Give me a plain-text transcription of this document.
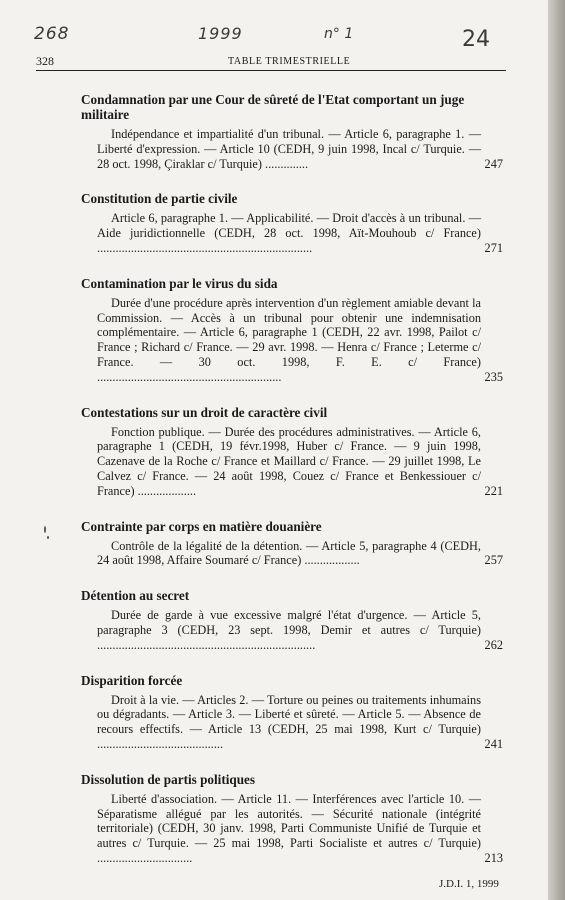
268	1999	n° 1	24
328	TABLE TRIMESTRIELLE
Condamnation par une Cour de sûreté de l'Etat comportant un juge militaire
Indépendance et impartialité d'un tribunal. — Article 6, paragraphe 1. — Liberté d'expression. — Article 10 (CEDH, 9 juin 1998, Incal c/ Turquie. — 28 oct. 1998, Çiraklar c/ Turquie) ..............	247
Constitution de partie civile
Article 6, paragraphe 1. — Applicabilité. — Droit d'accès à un tribunal. — Aide juridictionnelle (CEDH, 28 oct. 1998, Aït-Mouhoub c/ France) ......................................................................	271
Contamination par le virus du sida
Durée d'une procédure après intervention d'un règlement amiable devant la Commission. — Accès à un tribunal pour obtenir une indemnisation complémentaire. — Article 6, paragraphe 1 (CEDH, 22 avr. 1998, Pailot c/ France ; Richard c/ France. — 29 avr. 1998. — Henra c/ France ; Leterme c/ France. — 30 oct. 1998, F. E. c/ France) ............................................................	235
Contestations sur un droit de caractère civil
Fonction publique. — Durée des procédures administratives. — Article 6, paragraphe 1 (CEDH, 19 févr.1998, Huber c/ France. — 9 juin 1998, Cazenave de la Roche c/ France et Maillard c/ France. — 29 juillet 1998, Le Calvez c/ France. — 24 août 1998, Couez c/ France et Benkessiouer c/ France) ...................	221
Contrainte par corps en matière douanière
Contrôle de la légalité de la détention. — Article 5, paragraphe 4 (CEDH, 24 août 1998, Affaire Soumaré c/ France) ..................	257
Détention au secret
Durée de garde à vue excessive malgré l'état d'urgence. — Article 5, paragraphe 3 (CEDH, 23 sept. 1998, Demir et autres c/ Turquie) .......................................................................	262
Disparition forcée
Droit à la vie. — Articles 2. — Torture ou peines ou traitements inhumains ou dégradants. — Article 3. — Liberté et sûreté. — Article 5. — Absence de recours effectifs. — Article 13 (CEDH, 25 mai 1998, Kurt c/ Turquie) .........................................	241
Dissolution de partis politiques
Liberté d'association. — Article 11. — Interférences avec l'article 10. — Séparatisme allégué par les autorités. — Sécurité nationale (intégrité territoriale) (CEDH, 30 janv. 1998, Parti Communiste Unifié de Turquie et autres c/ Turquie. — 25 mai 1998, Parti Socialiste et autres c/ Turquie) ...............................	213
J.D.I. 1, 1999
